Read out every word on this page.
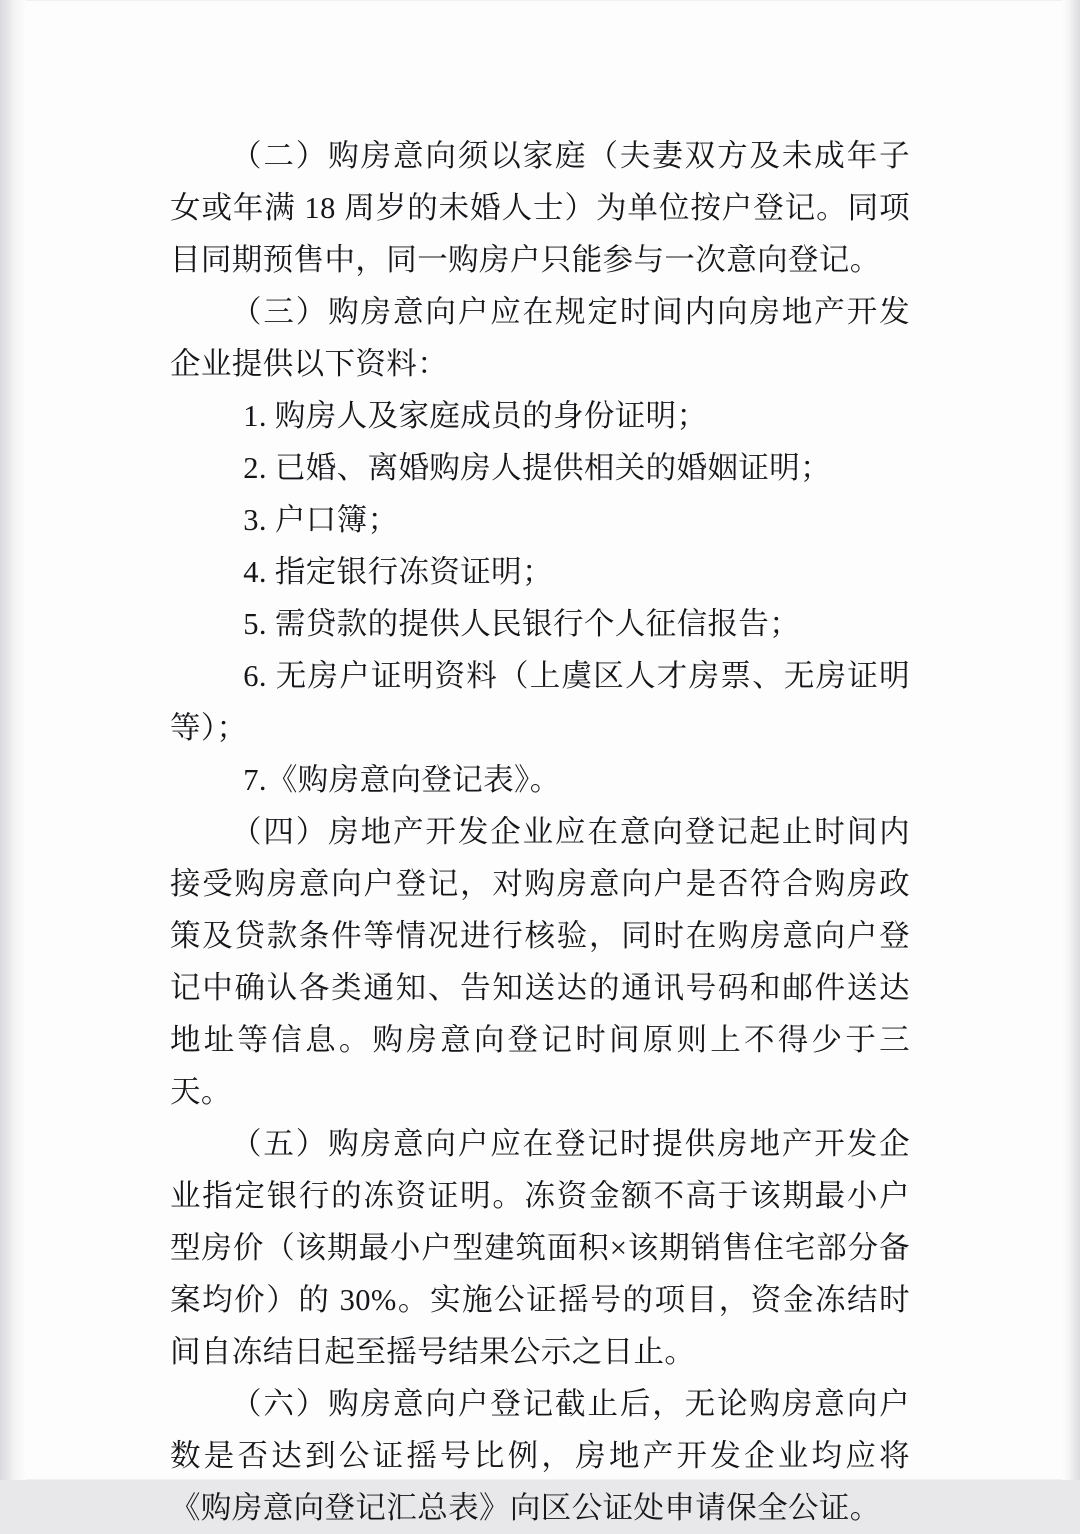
（二）购房意向须以家庭（夫妻双方及未成年子女或年满 18 周岁的未婚人士）为单位按户登记。同项目同期预售中，同一购房户只能参与一次意向登记。

（三）购房意向户应在规定时间内向房地产开发企业提供以下资料：

1. 购房人及家庭成员的身份证明；

2. 已婚、离婚购房人提供相关的婚姻证明；

3. 户口簿；

4. 指定银行冻资证明；

5. 需贷款的提供人民银行个人征信报告；

6. 无房户证明资料（上虞区人才房票、无房证明等）；

7.《购房意向登记表》。

（四）房地产开发企业应在意向登记起止时间内接受购房意向户登记，对购房意向户是否符合购房政策及贷款条件等情况进行核验，同时在购房意向户登记中确认各类通知、告知送达的通讯号码和邮件送达地址等信息。购房意向登记时间原则上不得少于三天。

（五）购房意向户应在登记时提供房地产开发企业指定银行的冻资证明。冻资金额不高于该期最小户型房价（该期最小户型建筑面积×该期销售住宅部分备案均价）的 30%。实施公证摇号的项目，资金冻结时间自冻结日起至摇号结果公示之日止。

（六）购房意向户登记截止后，无论购房意向户数是否达到公证摇号比例，房地产开发企业均应将《购房意向登记汇总表》向区公证处申请保全公证。
